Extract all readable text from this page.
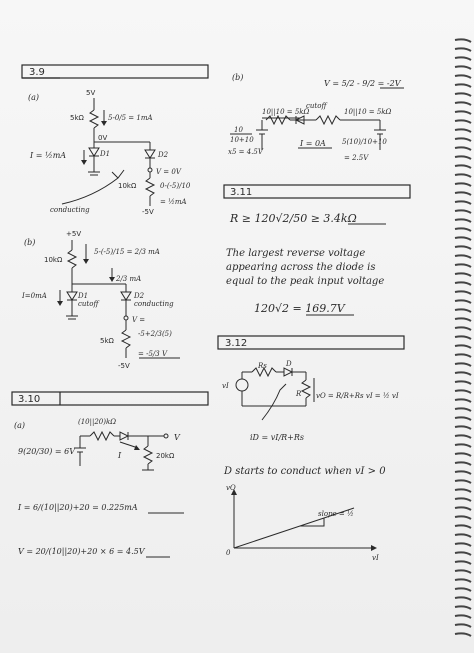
3.9
(a)	5V
5kΩ	5-0/5 = 1mA
0V
D1
I = ½mA	D2
V = 0V
10kΩ	0-(-5)/10
= ½mA
-5V
conducting
(b)
+5V
10kΩ
5-(-5)/15 = 2/3 mA
2/3 mA
I=0mA	D1
cutoff
D2
conducting
V =
-5+2/3(5)
= -5/3 V
5kΩ
-5V
(b)
V = 5/2 - 9/2 = -2V
10||10 = 5kΩ	10||10 = 5kΩ
cutoff
10
10+10
x5 = 4.5V
I = 0A 5(10)/10+10
= 2.5V
3.11
R ≥ 120√2/50 ≥ 3.4kΩ
The largest reverse voltage
appearing across the diode is
equal to the peak input voltage
120√2 = 169.7V
3.10
(a)	(10||20)kΩ
V
9(20/30) = 6V	I	20kΩ
I = 6/(10||20)+20 = 0.225mA
V = 20/(10||20)+20 × 6 = 4.5V
3.12
Rs	D
vI
R vO = R/R+Rs vI = ½ vI
iD = vI/R+Rs
D starts to conduct when vI > 0
vO
vI
0
slope = ½
